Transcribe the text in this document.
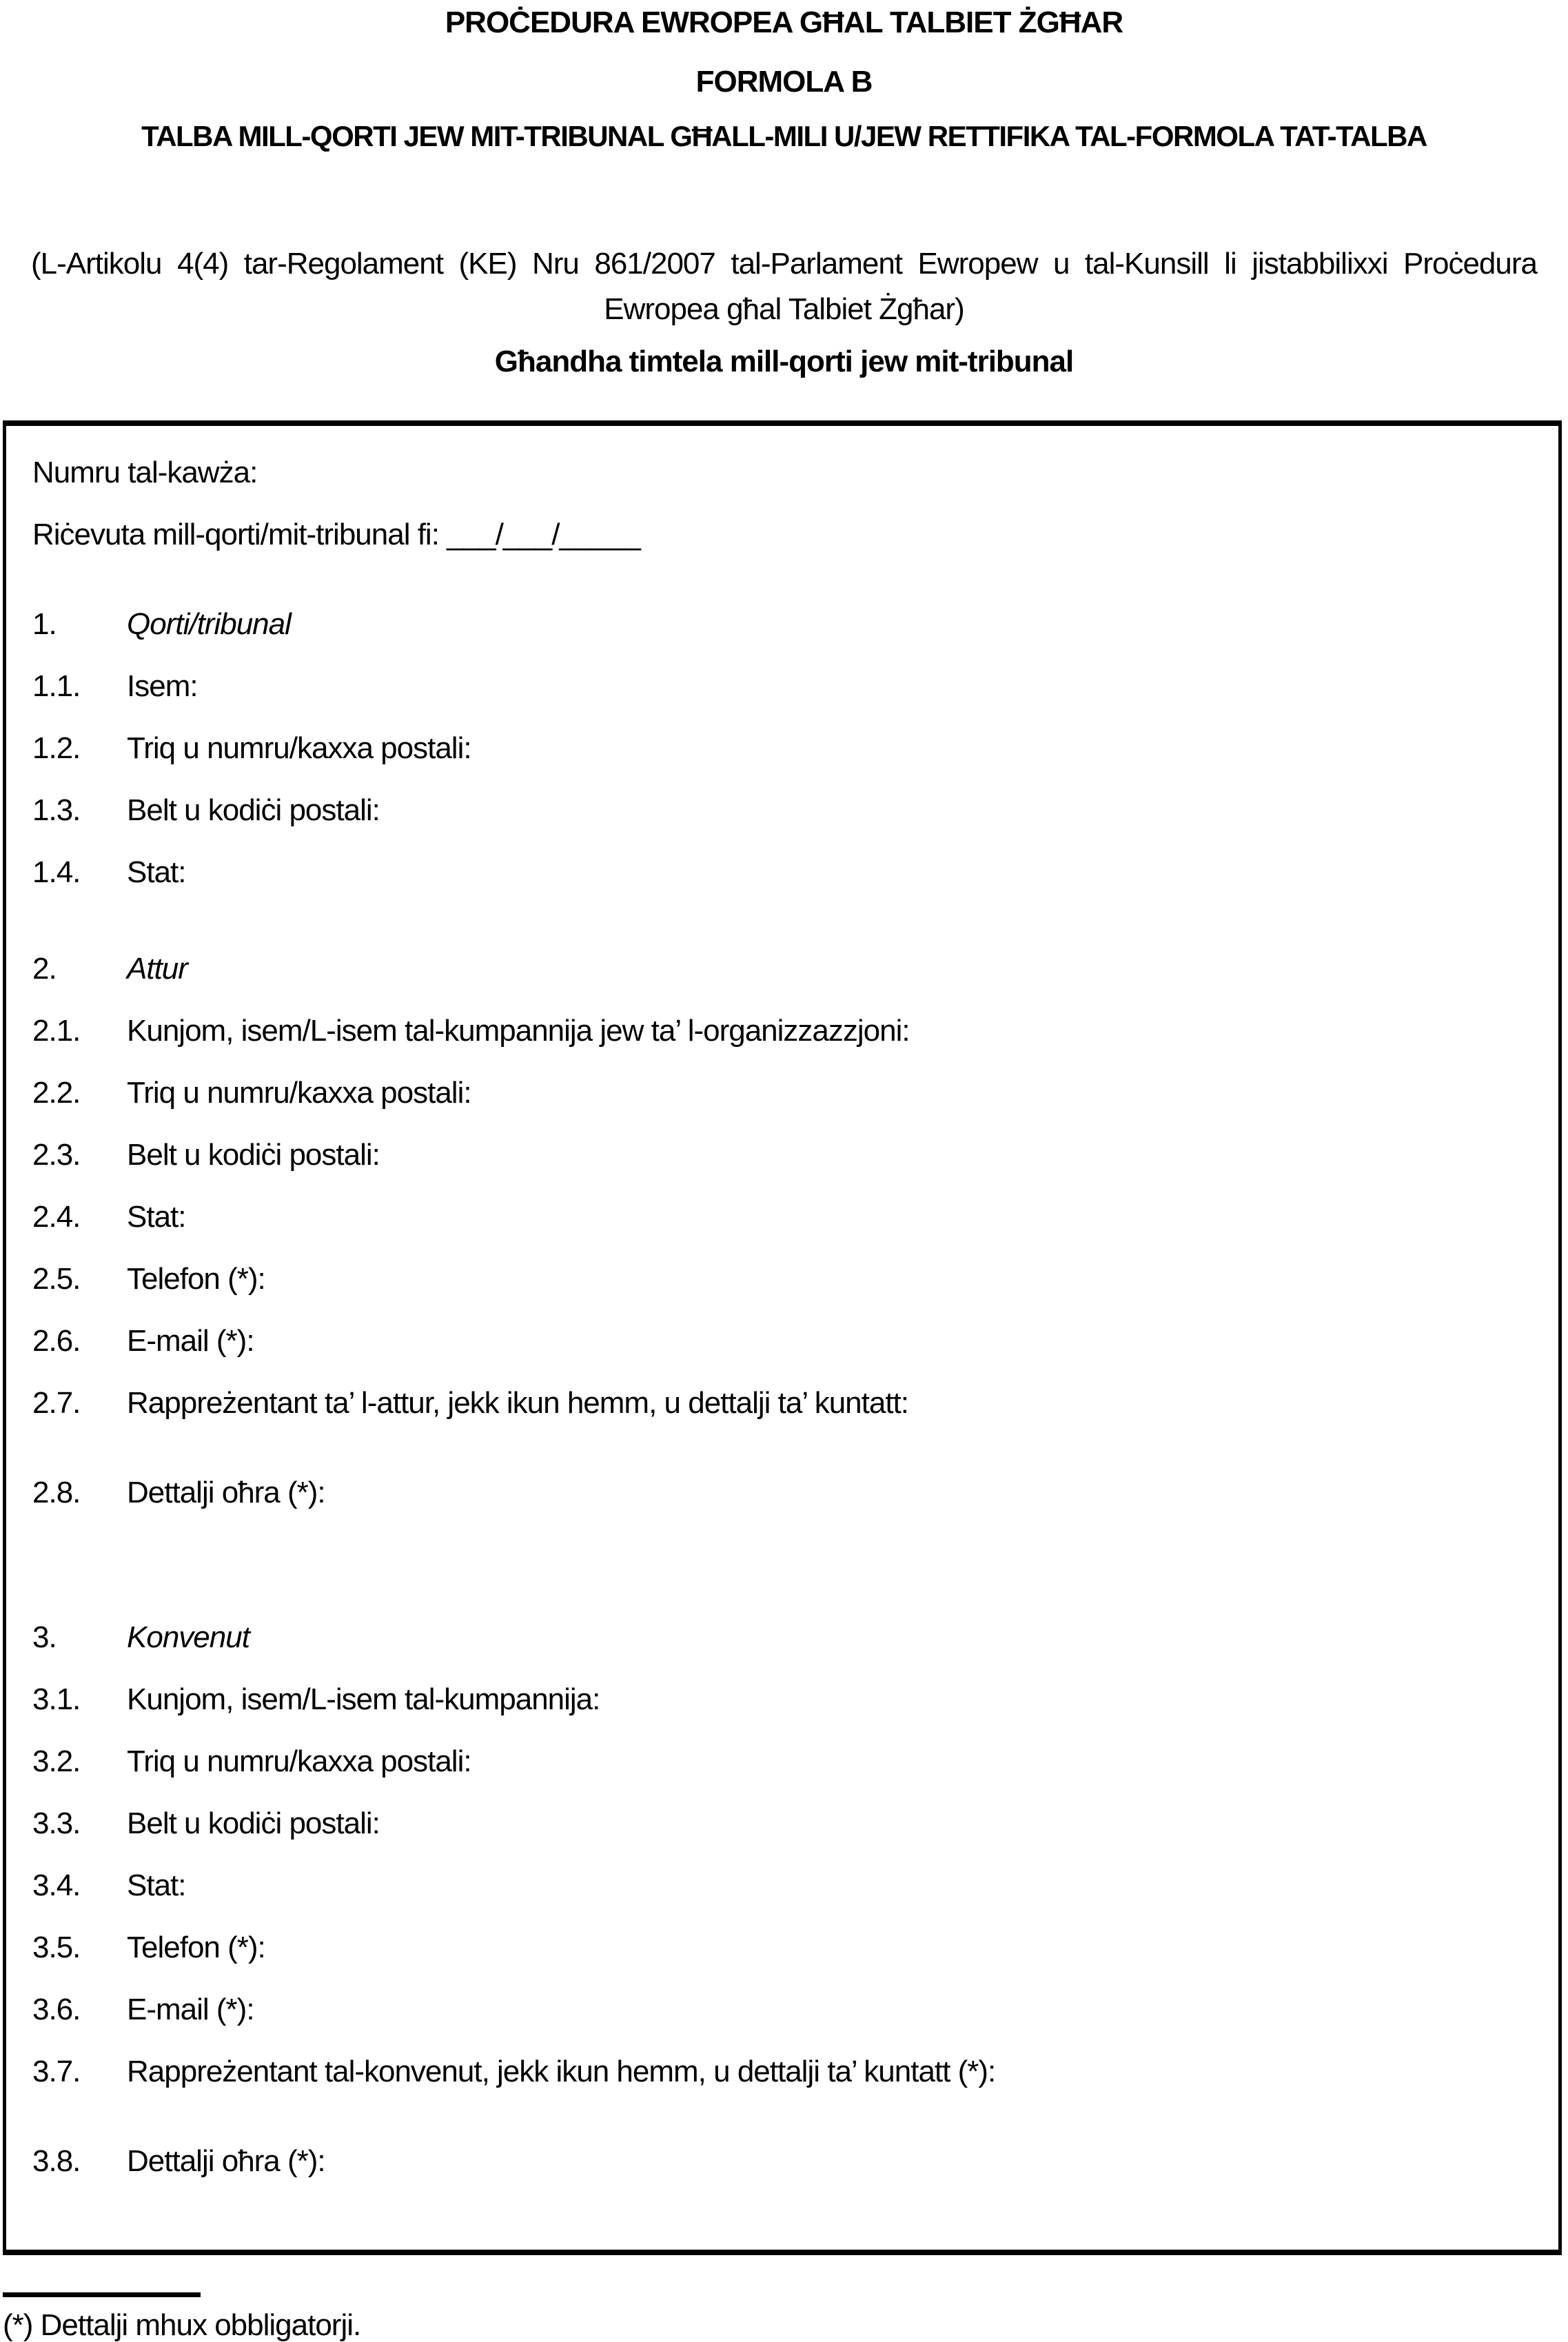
PROĊEDURA EWROPEA GĦAL TALBIET ŻGĦAR
FORMOLA B
TALBA MILL-QORTI JEW MIT-TRIBUNAL GĦALL-MILI U/JEW RETTIFIKA TAL-FORMOLA TAT-TALBA
(L-Artikolu 4(4) tar-Regolament (KE) Nru 861/2007 tal-Parlament Ewropew u tal-Kunsill li jistabbilixxi Proċedura Ewropea għal Talbiet Żgħar)
Għandha timtela mill-qorti jew mit-tribunal
Numru tal-kawża:
Riċevuta mill-qorti/mit-tribunal fi: ___/___/_____
1.	Qorti/tribunal
1.1.	Isem:
1.2.	Triq u numru/kaxxa postali:
1.3.	Belt u kodiċi postali:
1.4.	Stat:
2.	Attur
2.1.	Kunjom, isem/L-isem tal-kumpannija jew ta’ l-organizzazzjoni:
2.2.	Triq u numru/kaxxa postali:
2.3.	Belt u kodiċi postali:
2.4.	Stat:
2.5.	Telefon (*):
2.6.	E-mail (*):
2.7.	Rappreżentant ta’ l-attur, jekk ikun hemm, u dettalji ta’ kuntatt:
2.8.	Dettalji oħra (*):
3.	Konvenut
3.1.	Kunjom, isem/L-isem tal-kumpannija:
3.2.	Triq u numru/kaxxa postali:
3.3.	Belt u kodiċi postali:
3.4.	Stat:
3.5.	Telefon (*):
3.6.	E-mail (*):
3.7.	Rappreżentant tal-konvenut, jekk ikun hemm, u dettalji ta’ kuntatt (*):
3.8.	Dettalji oħra (*):
(*) Dettalji mhux obbligatorji.
